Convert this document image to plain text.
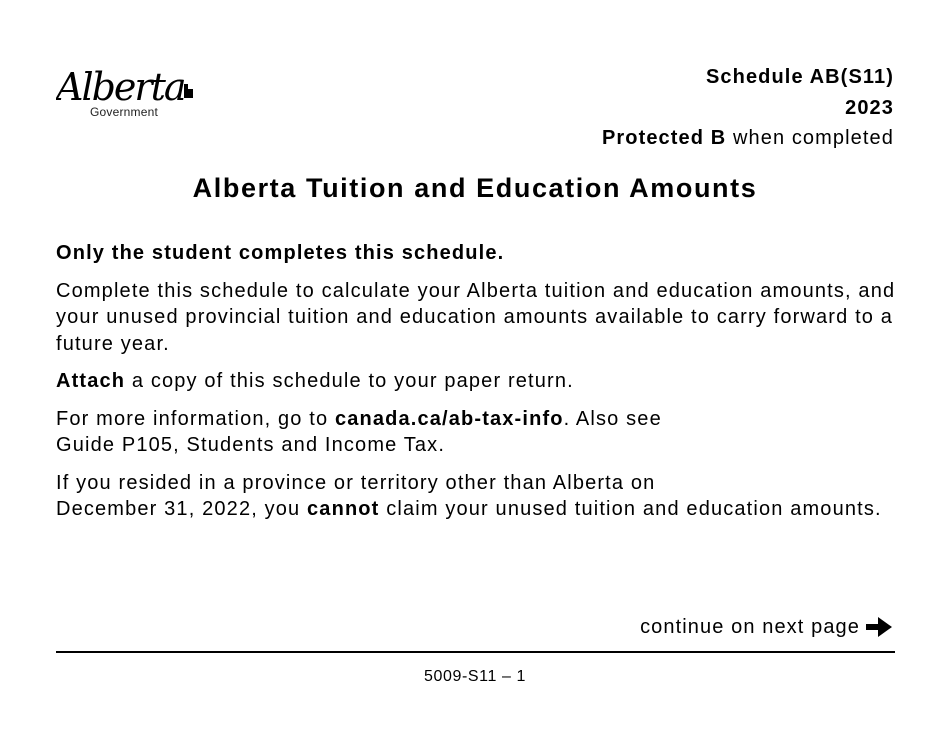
Alberta
Government
Schedule AB(S11)
2023
Protected B when completed
Alberta Tuition and Education Amounts

Only the student completes this schedule.

Complete this schedule to calculate your Alberta tuition and education amounts, and your unused provincial tuition and education amounts available to carry forward to a future year.

Attach a copy of this schedule to your paper return.

For more information, go to canada.ca/ab-tax-info. Also see
Guide P105, Students and Income Tax.

If you resided in a province or territory other than Alberta on
December 31, 2022, you cannot claim your unused tuition and education amounts.

continue on next page
5009-S11 – 1
